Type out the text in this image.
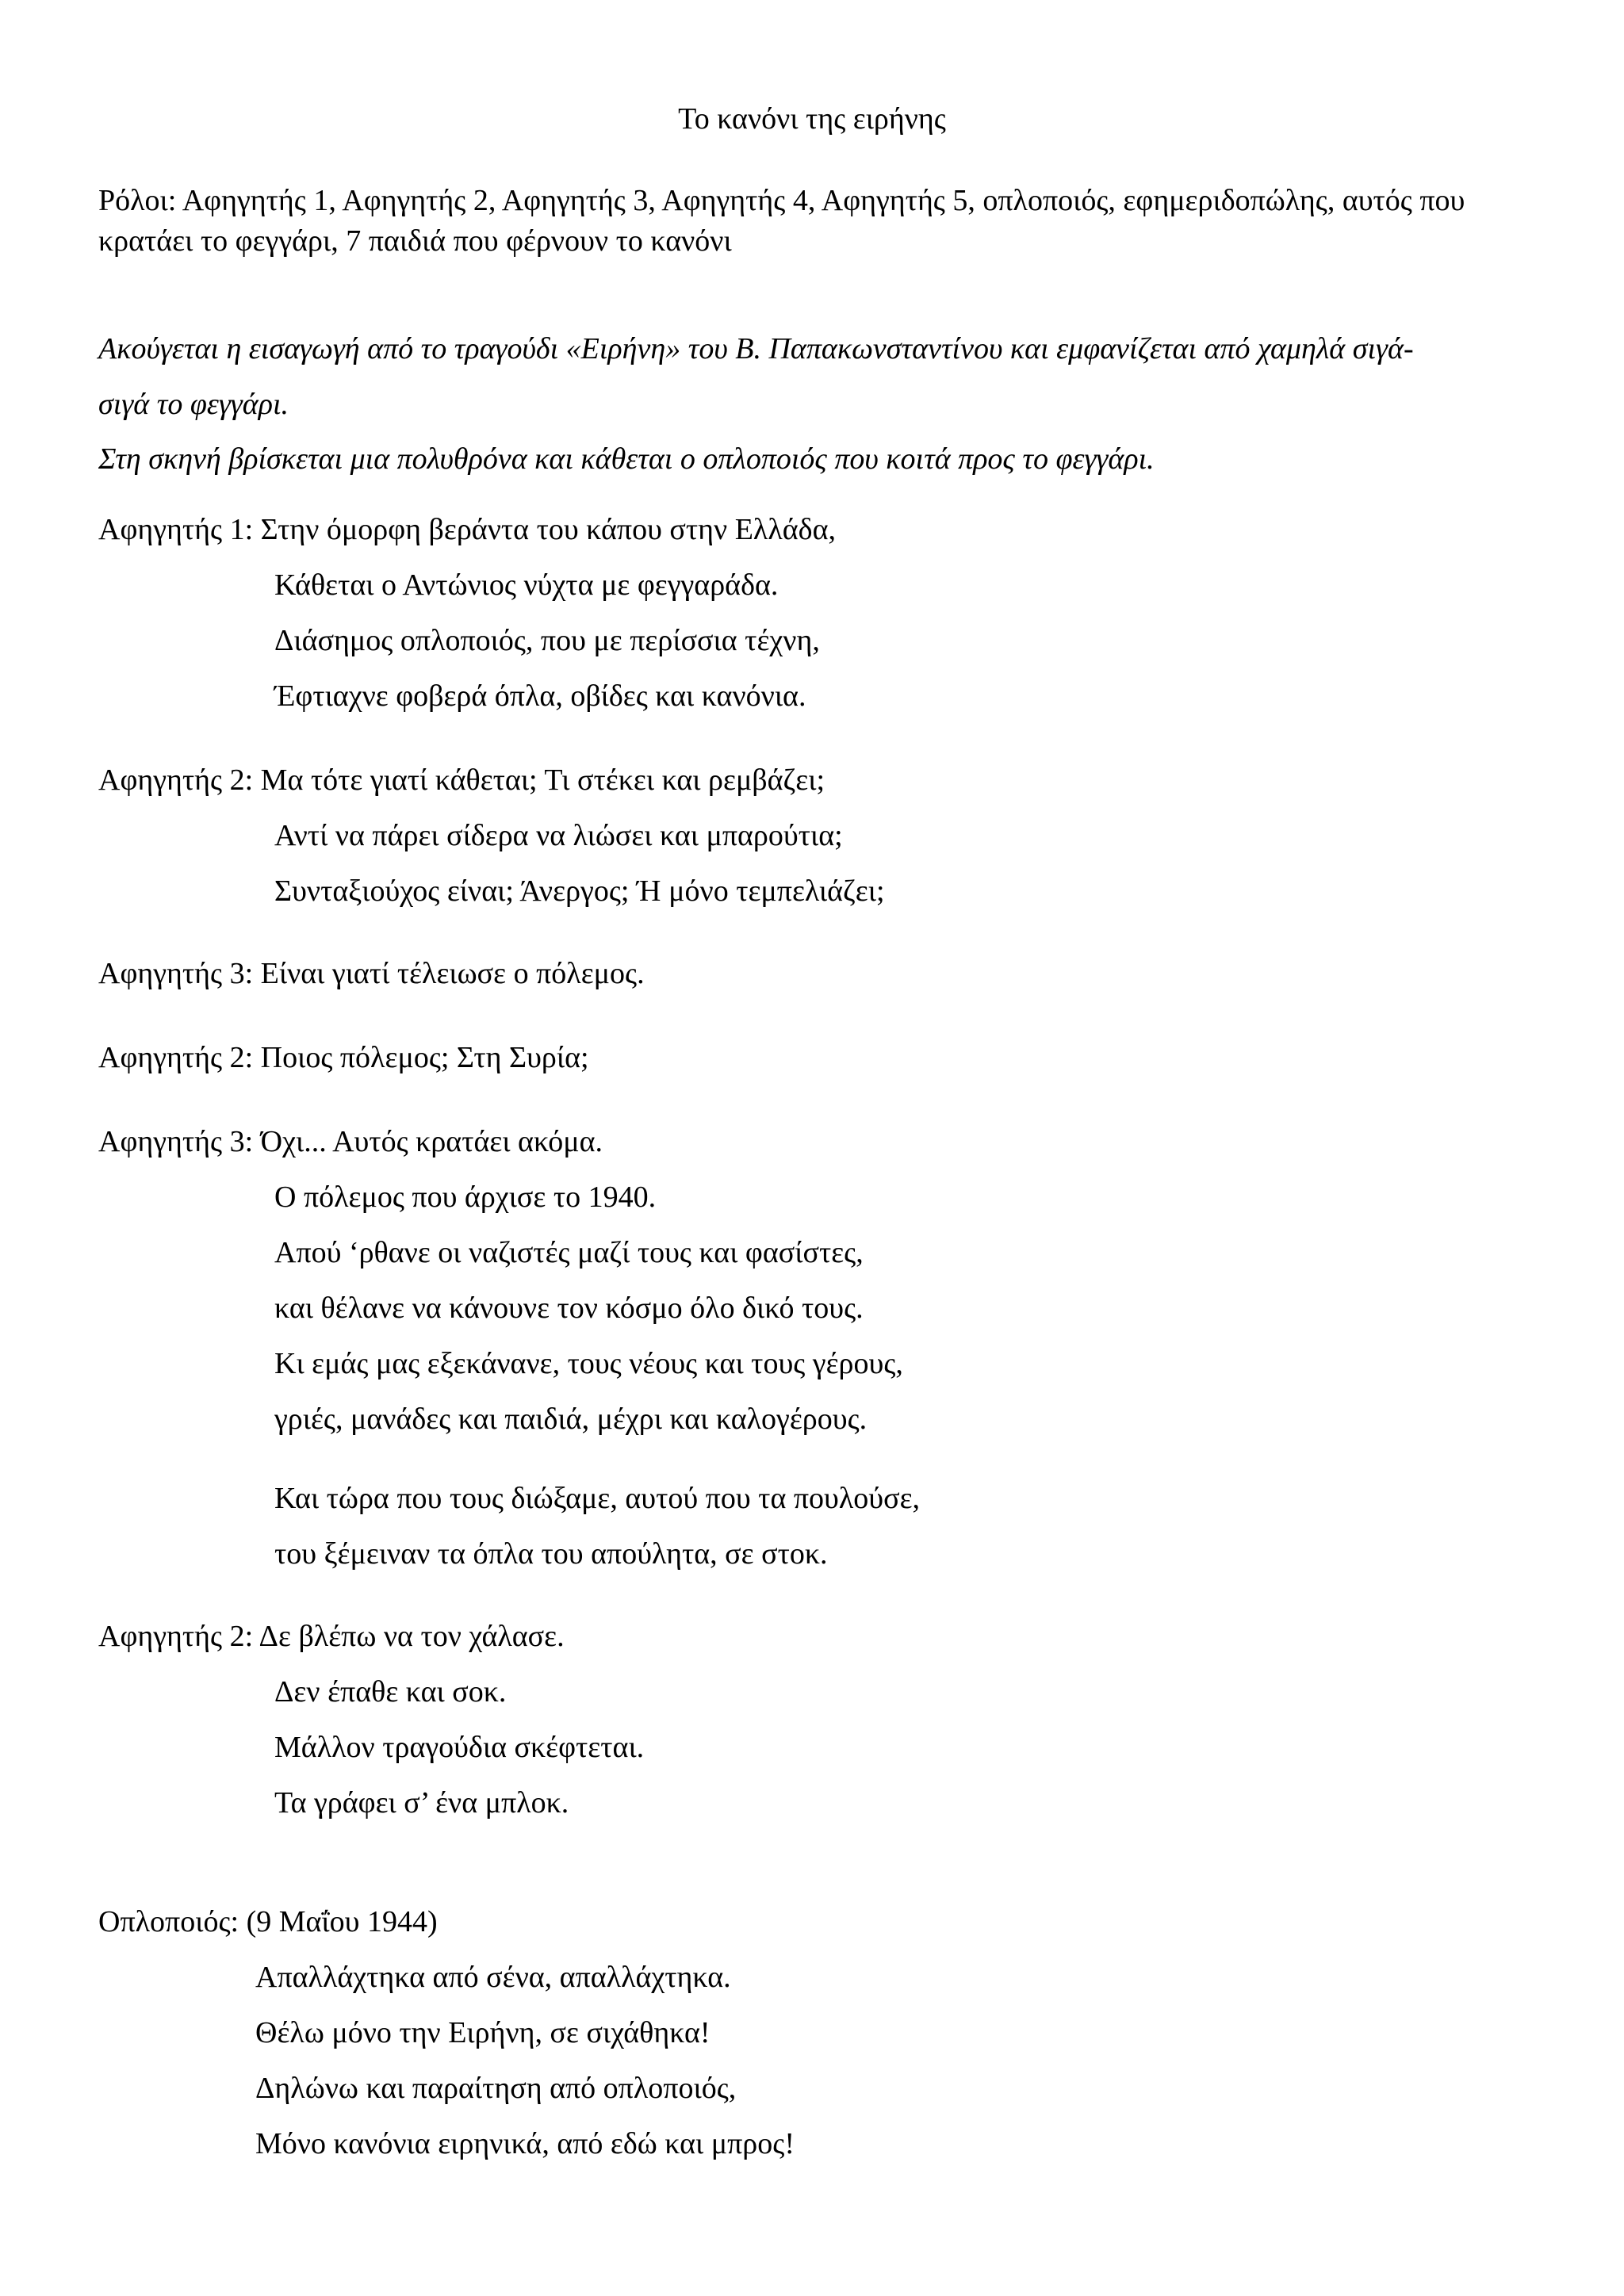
Το κανόνι της ειρήνης
Ρόλοι: Αφηγητής 1, Αφηγητής 2, Αφηγητής 3, Αφηγητής 4, Αφηγητής 5, οπλοποιός, εφημεριδοπώλης, αυτός που κρατάει το φεγγάρι, 7 παιδιά που φέρνουν το κανόνι
Ακούγεται η εισαγωγή από το τραγούδι «Ειρήνη» του Β. Παπακωνσταντίνου και εμφανίζεται από χαμηλά σιγά-
σιγά το φεγγάρι.
Στη σκηνή βρίσκεται μια πολυθρόνα και κάθεται ο οπλοποιός που κοιτά προς το φεγγάρι.
Αφηγητής 1: Στην όμορφη βεράντα του κάπου στην Ελλάδα,
Κάθεται ο Αντώνιος νύχτα με φεγγαράδα.
Διάσημος οπλοποιός, που με περίσσια τέχνη,
Έφτιαχνε φοβερά όπλα, οβίδες και κανόνια.
Αφηγητής 2: Μα τότε γιατί κάθεται; Τι στέκει και ρεμβάζει;
Αντί να πάρει σίδερα να λιώσει και μπαρούτια;
Συνταξιούχος είναι; Άνεργος; Ή μόνο τεμπελιάζει;
Αφηγητής 3: Είναι γιατί τέλειωσε ο πόλεμος.
Αφηγητής 2: Ποιος πόλεμος; Στη Συρία;
Αφηγητής 3: Όχι... Αυτός κρατάει ακόμα.
Ο πόλεμος που άρχισε το 1940.
Απού ‘ρθανε οι ναζιστές μαζί τους και φασίστες,
και θέλανε να κάνουνε τον κόσμο όλο δικό τους.
Κι εμάς μας εξεκάνανε, τους νέους και τους γέρους,
γριές, μανάδες και παιδιά, μέχρι και καλογέρους.
Και τώρα που τους διώξαμε, αυτού που τα πουλούσε,
του ξέμειναν τα όπλα του απούλητα, σε στοκ.
Αφηγητής 2: Δε βλέπω να τον χάλασε.
Δεν έπαθε και σοκ.
Μάλλον τραγούδια σκέφτεται.
Τα γράφει σ’ ένα μπλοκ.
Οπλοποιός: (9 Μαΐου 1944)
Απαλλάχτηκα από σένα, απαλλάχτηκα.
Θέλω μόνο την Ειρήνη, σε σιχάθηκα!
Δηλώνω και παραίτηση από οπλοποιός,
Μόνο κανόνια ειρηνικά, από εδώ και μπρος!
